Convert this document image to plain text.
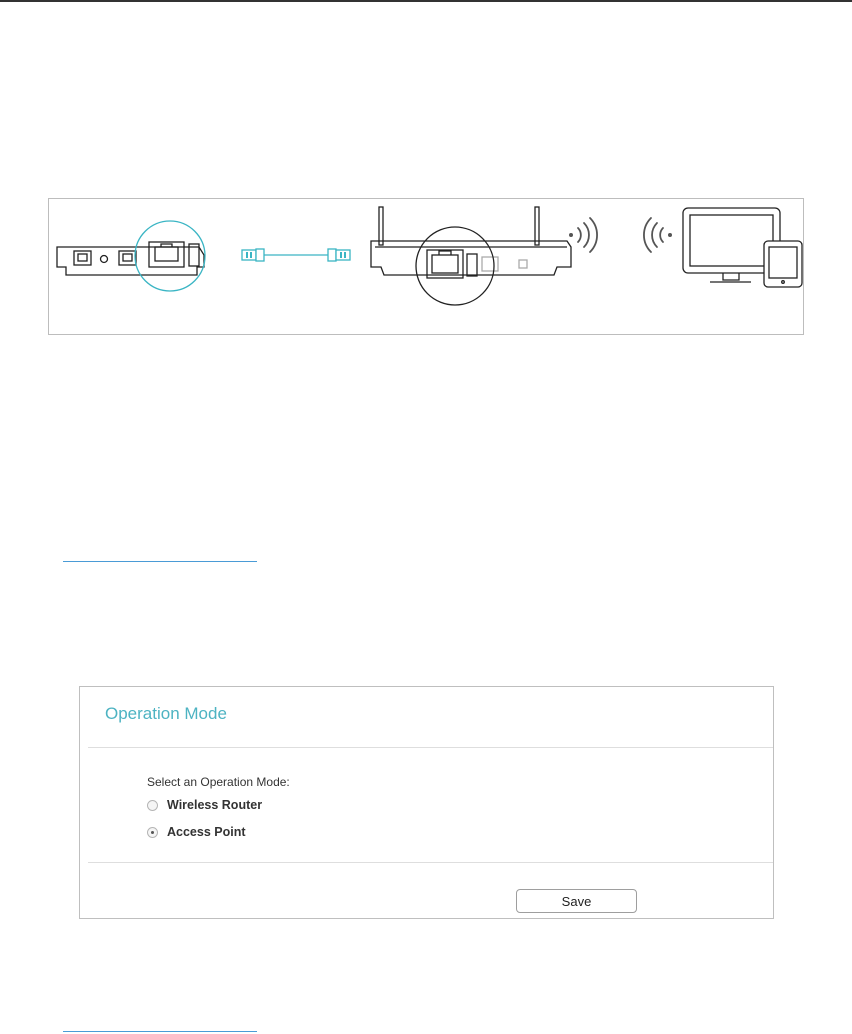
Operation Mode
Select an Operation Mode:
Wireless Router
Access Point
Save
